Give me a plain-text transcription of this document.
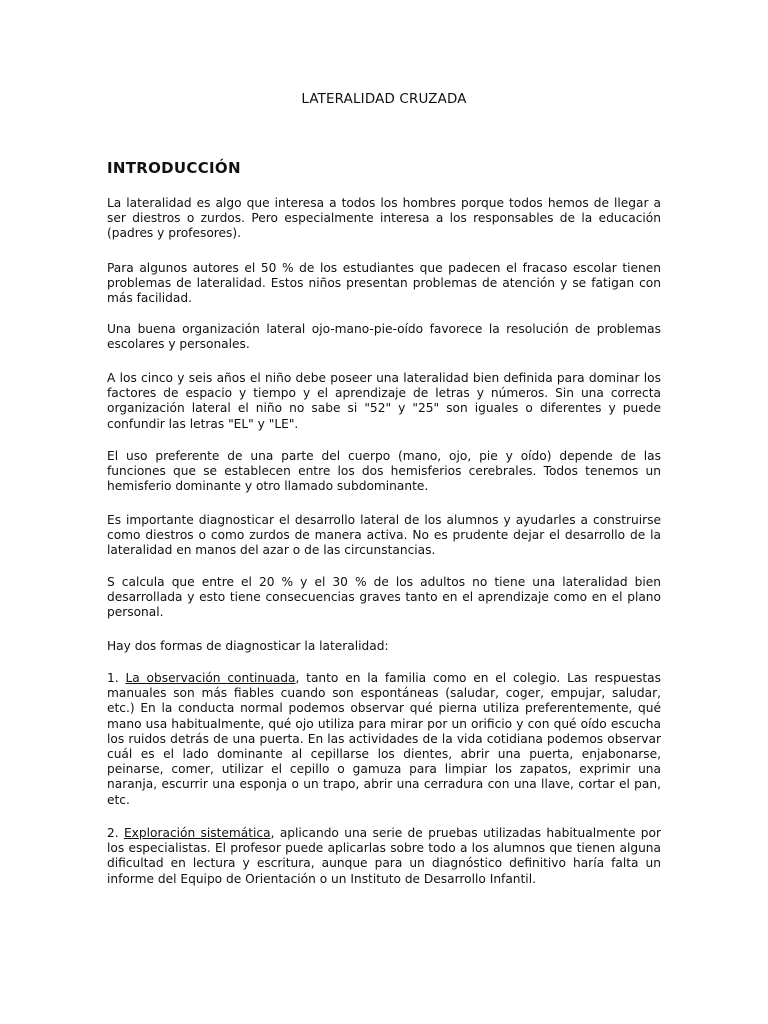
LATERALIDAD CRUZADA
INTRODUCCIÓN

La lateralidad es algo que interesa a todos los hombres porque todos hemos de llegar a ser diestros o zurdos. Pero especialmente interesa a los responsables de la educación (padres y profesores).

Para algunos autores el 50 % de los estudiantes que padecen el fracaso escolar tienen problemas de lateralidad. Estos niños presentan problemas de atención y se fatigan con más facilidad.

Una buena organización lateral ojo-mano-pie-oído favorece la resolución de problemas escolares y personales.

A los cinco y seis años el niño debe poseer una lateralidad bien definida para dominar los factores de espacio y tiempo y el aprendizaje de letras y números. Sin una correcta organización lateral el niño no sabe si "52" y "25" son iguales o diferentes y puede confundir las letras "EL" y "LE".

El uso preferente de una parte del cuerpo (mano, ojo, pie y oído) depende de las funciones que se establecen entre los dos hemisferios cerebrales. Todos tenemos un hemisferio dominante y otro llamado subdominante.

Es importante diagnosticar el desarrollo lateral de los alumnos y ayudarles a construirse como diestros o como zurdos de manera activa. No es prudente dejar el desarrollo de la lateralidad en manos del azar o de las circunstancias.

S calcula que entre el 20 % y el 30 % de los adultos no tiene una lateralidad bien desarrollada y esto tiene consecuencias graves tanto en el aprendizaje como en el plano personal.

Hay dos formas de diagnosticar la lateralidad:

1. La observación continuada, tanto en la familia como en el colegio. Las respuestas manuales son más fiables cuando son espontáneas (saludar, coger, empujar, saludar, etc.) En la conducta normal podemos observar qué pierna utiliza preferentemente, qué mano usa habitualmente, qué ojo utiliza para mirar por un orificio y con qué oído escucha los ruidos detrás de una puerta. En las actividades de la vida cotidiana podemos observar cuál es el lado dominante al cepillarse los dientes, abrir una puerta, enjabonarse, peinarse, comer, utilizar el cepillo o gamuza para limpiar los zapatos, exprimir una naranja, escurrir una esponja o un trapo, abrir una cerradura con una llave, cortar el pan, etc.

2. Exploración sistemática, aplicando una serie de pruebas utilizadas habitualmente por los especialistas. El profesor puede aplicarlas sobre todo a los alumnos que tienen alguna dificultad en lectura y escritura, aunque para un diagnóstico definitivo haría falta un informe del Equipo de Orientación o un Instituto de Desarrollo Infantil.
